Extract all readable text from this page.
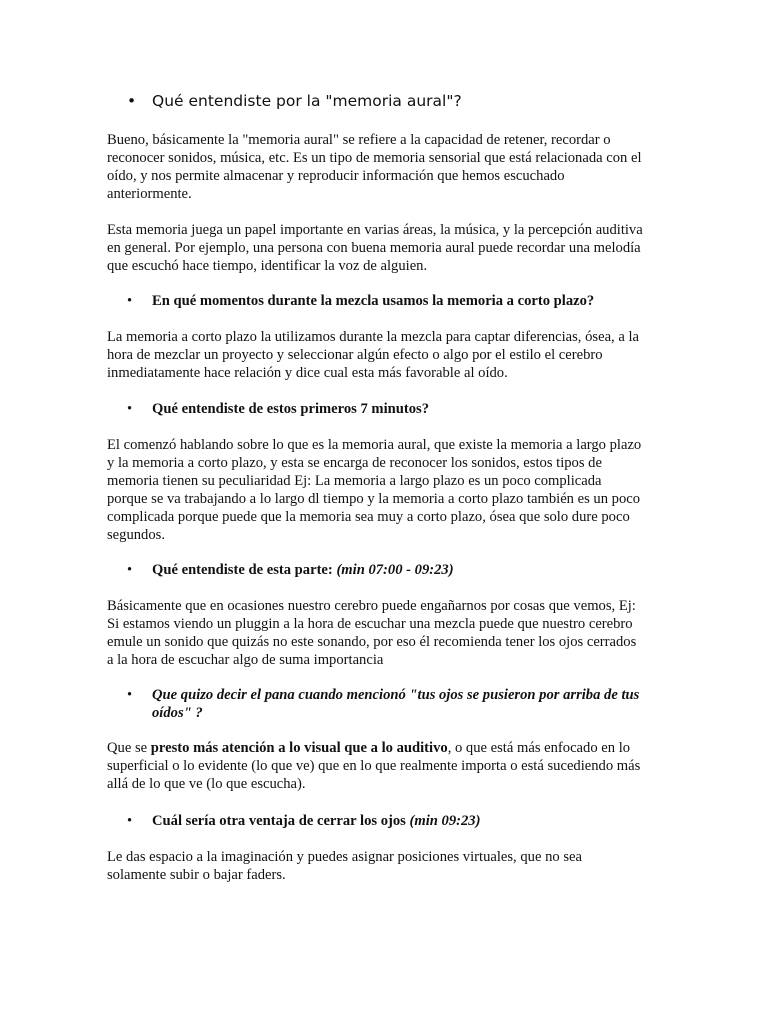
• Qué entendiste por la "memoria aural"?

Bueno, básicamente la "memoria aural" se refiere a la capacidad de retener, recordar o
reconocer sonidos, música, etc. Es un tipo de memoria sensorial que está relacionada con el
oído, y nos permite almacenar y reproducir información que hemos escuchado
anteriormente.

Esta memoria juega un papel importante en varias áreas, la música, y la percepción auditiva
en general. Por ejemplo, una persona con buena memoria aural puede recordar una melodía
que escuchó hace tiempo, identificar la voz de alguien.

• En qué momentos durante la mezcla usamos la memoria a corto plazo?

La memoria a corto plazo la utilizamos durante la mezcla para captar diferencias, ósea, a la
hora de mezclar un proyecto y seleccionar algún efecto o algo por el estilo el cerebro
inmediatamente hace relación y dice cual esta más favorable al oído.

• Qué entendiste de estos primeros 7 minutos?

El comenzó hablando sobre lo que es la memoria aural, que existe la memoria a largo plazo
y la memoria a corto plazo, y esta se encarga de reconocer los sonidos, estos tipos de
memoria tienen su peculiaridad Ej: La memoria a largo plazo es un poco complicada
porque se va trabajando a lo largo dl tiempo y la memoria a corto plazo también es un poco
complicada porque puede que la memoria sea muy a corto plazo, ósea que solo dure poco
segundos.

• Qué entendiste de esta parte: (min 07:00 - 09:23)

Básicamente que en ocasiones nuestro cerebro puede engañarnos por cosas que vemos, Ej:
Si estamos viendo un pluggin a la hora de escuchar una mezcla puede que nuestro cerebro
emule un sonido que quizás no este sonando, por eso él recomienda tener los ojos cerrados
a la hora de escuchar algo de suma importancia

• Que quizo decir el pana cuando mencionó "tus ojos se pusieron por arriba de tus
oídos" ?

Que se presto más atención a lo visual que a lo auditivo, o que está más enfocado en lo
superficial o lo evidente (lo que ve) que en lo que realmente importa o está sucediendo más
allá de lo que ve (lo que escucha).

• Cuál sería otra ventaja de cerrar los ojos (min 09:23)

Le das espacio a la imaginación y puedes asignar posiciones virtuales, que no sea
solamente subir o bajar faders.
